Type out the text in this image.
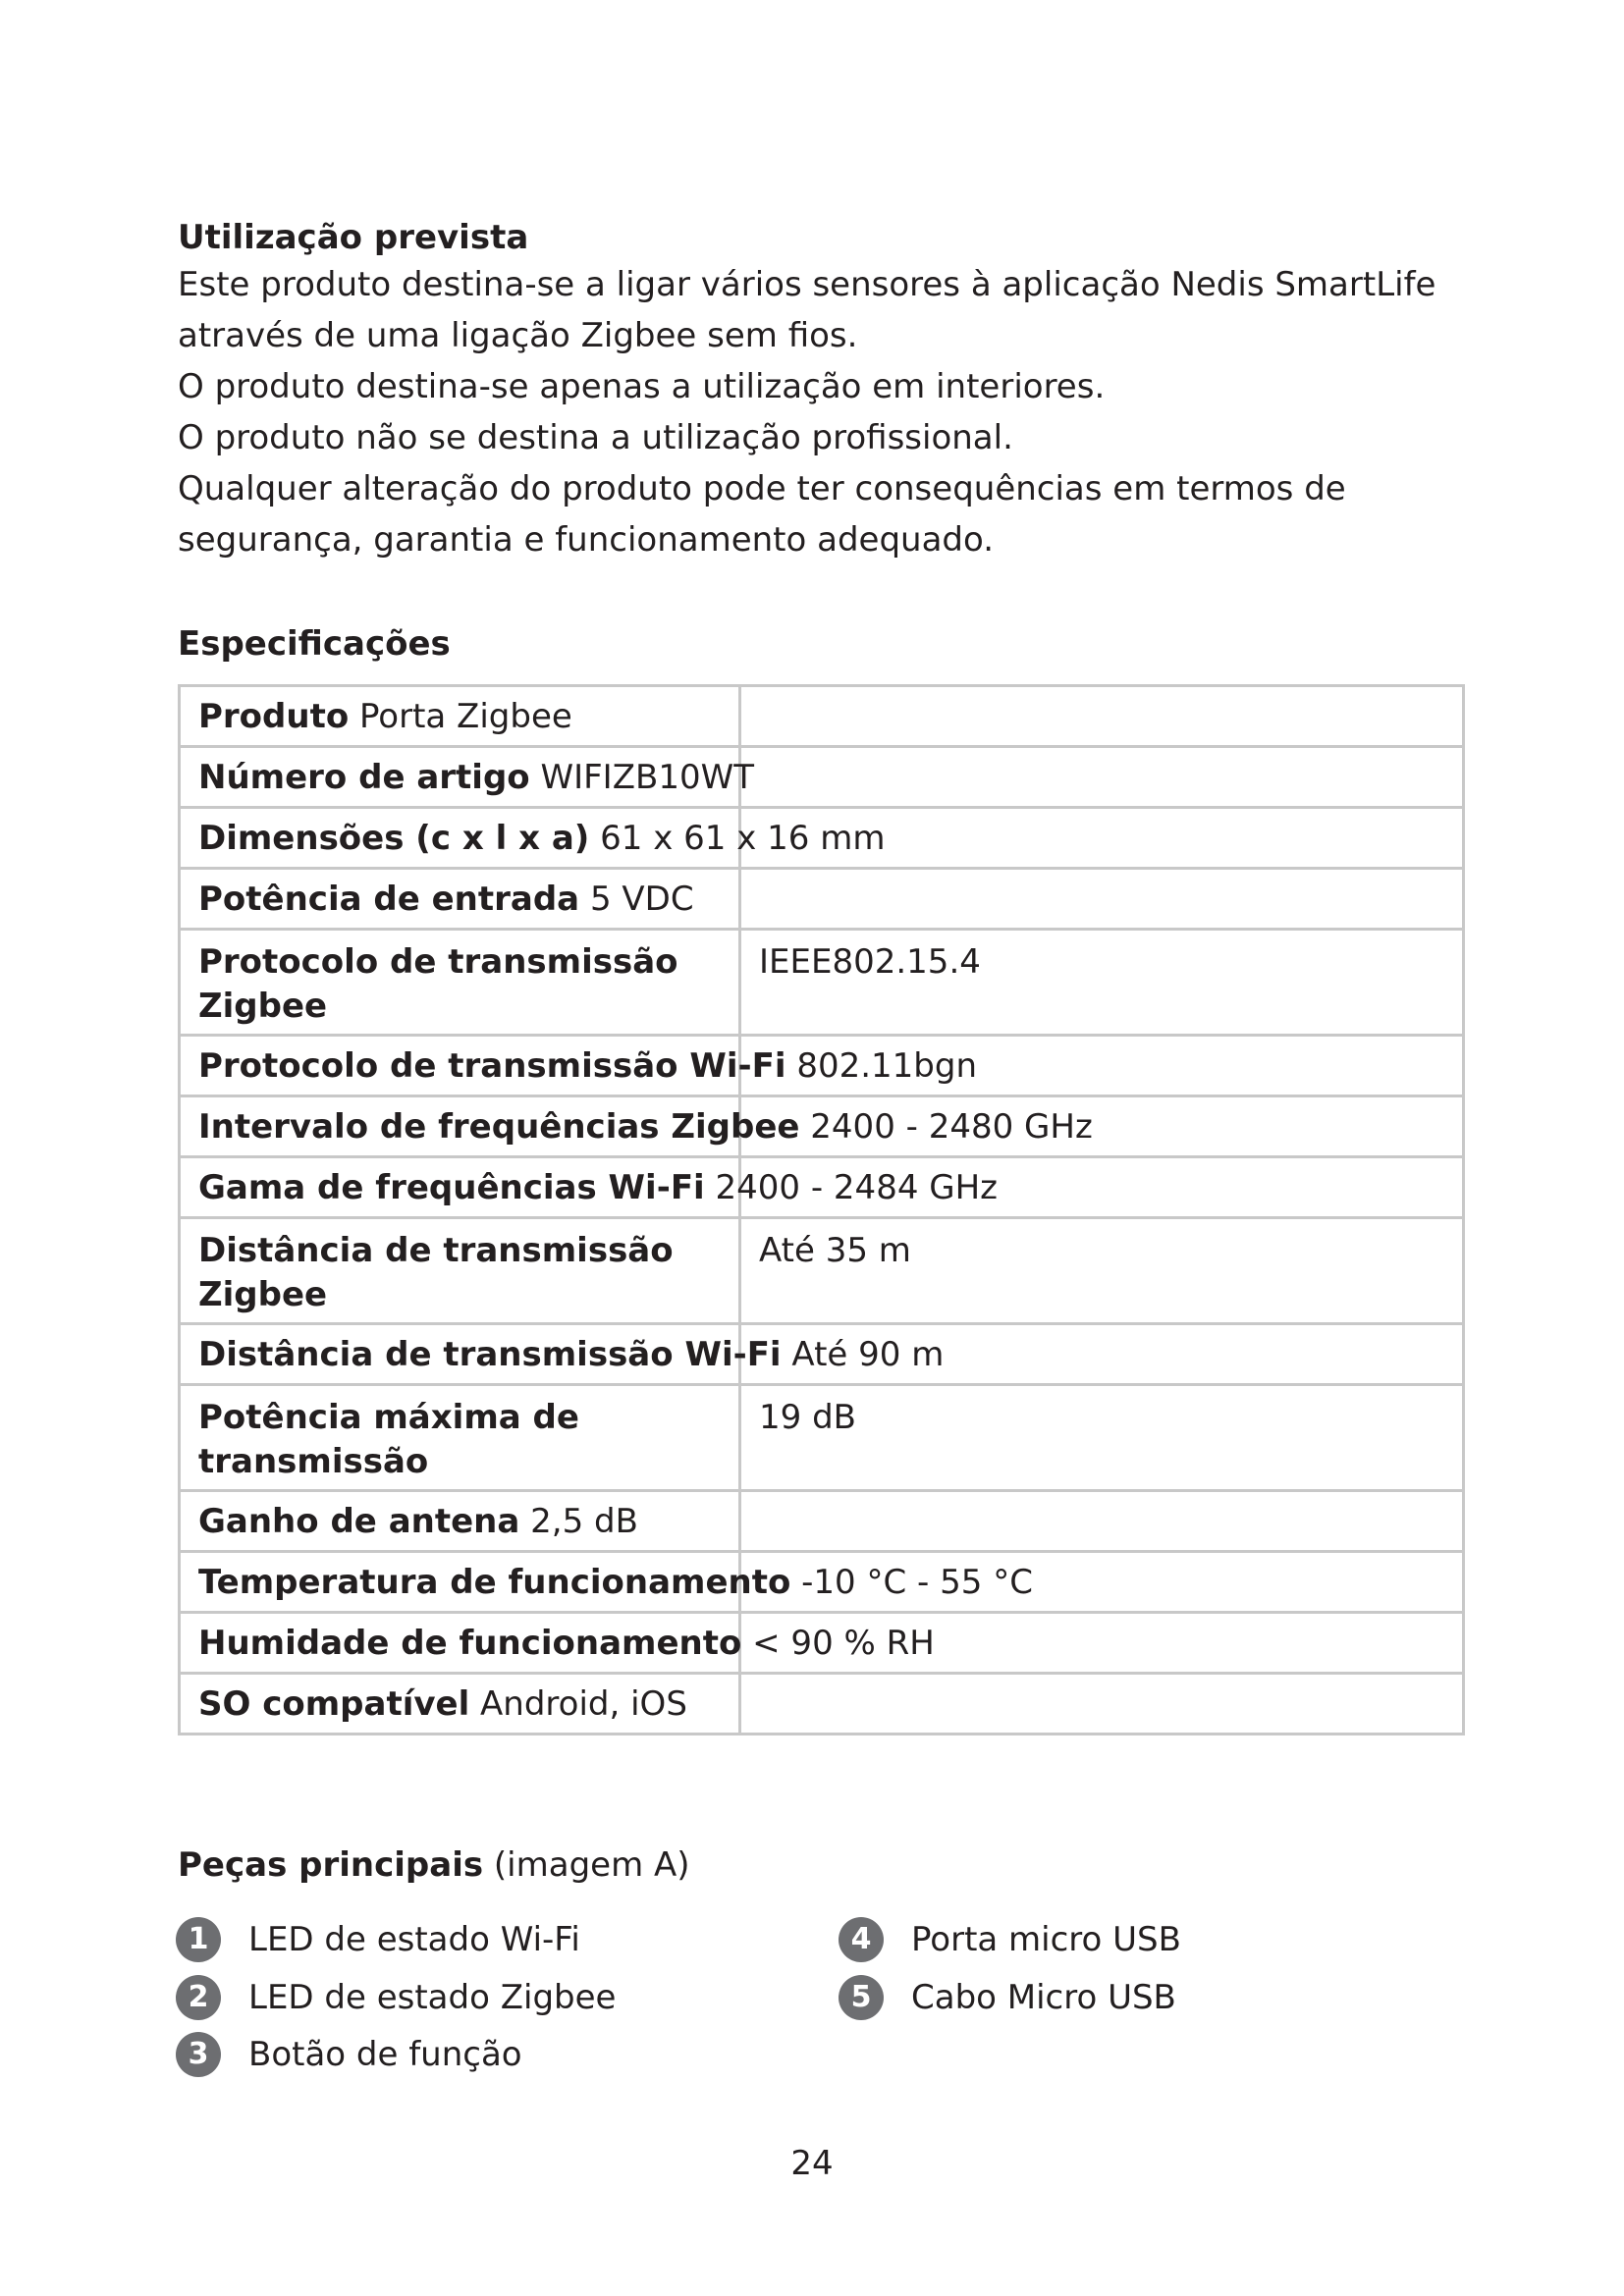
Utilização prevista

Este produto destina-se a ligar vários sensores à aplicação Nedis SmartLife

através de uma ligação Zigbee sem fios.

O produto destina-se apenas a utilização em interiores.

O produto não se destina a utilização profissional.

Qualquer alteração do produto pode ter consequências em termos de

segurança, garantia e funcionamento adequado.

Especificações
Produto Porta Zigbee	

Número de artigo WIFIZB10WT	

Dimensões (c x l x a) 61 x 61 x 16 mm	

Potência de entrada 5 VDC	

Protocolo de transmissão Zigbee	IEEE802.15.4

Protocolo de transmissão Wi-Fi 802.11bgn	

Intervalo de frequências Zigbee 2400 - 2480 GHz	

Gama de frequências Wi-Fi 2400 - 2484 GHz	

Distância de transmissão Zigbee	Até 35 m

Distância de transmissão Wi-Fi Até 90 m	

Potência máxima de transmissão	19 dB

Ganho de antena 2,5 dB	

Temperatura de funcionamento -10 °C - 55 °C	

Humidade de funcionamento < 90 % RH	

SO compatível Android, iOS	

Peças principais (imagem A)
1	LED de estado Wi-Fi
2	LED de estado Zigbee
3	Botão de função
4	Porta micro USB
5	Cabo Micro USB
24
